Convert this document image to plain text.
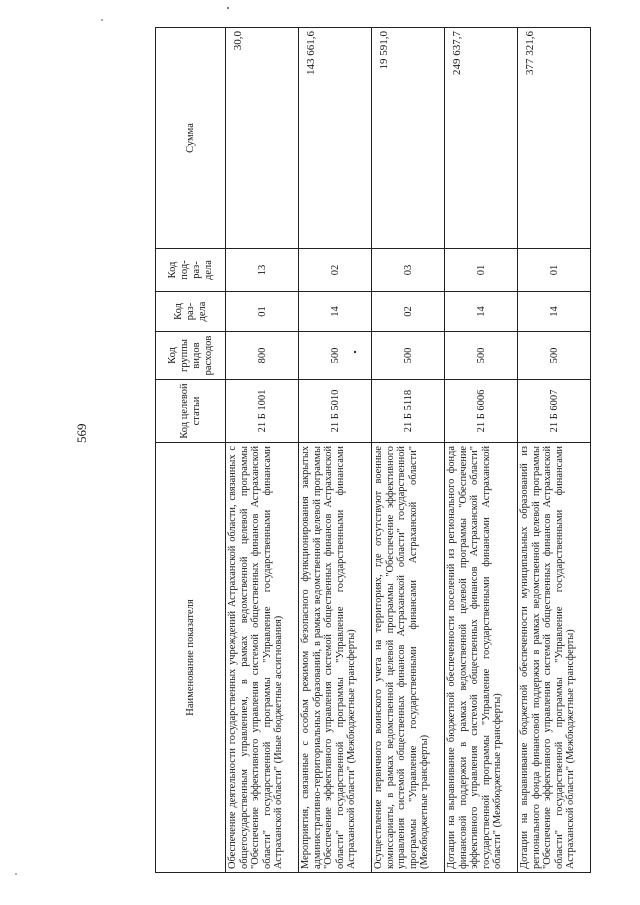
569
Наименование показателя	Код целевой статьи	Код группы видов расходов	Код раз-дела	Код под-раз-дела	Сумма
Обеспечение деятельности государственных учреждений Астраханской области, связанных с общегосударственным управлением, в рамках ведомственной целевой программы "Обеспечение эффективного управления системой общественных финансов Астраханской области" государственной программы "Управление государственными финансами Астраханской области" (Иные бюджетные ассигнования)	21 Б 1001	800	01	13	30,0
Мероприятия, связанные с особым режимом безопасного функционирования закрытых административно-территориальных образований, в рамках ведомственной целевой программы "Обеспечение эффективного управления системой общественных финансов Астраханской области" государственной программы "Управление государственными финансами Астраханской области" (Межбюджетные трансферты)	21 Б 5010	500	14	02	143 661,6
Осуществление первичного воинского учета на территориях, где отсутствуют военные комиссариаты, в рамках ведомственной целевой программы "Обеспечение эффективного управления системой общественных финансов Астраханской области" государственной программы "Управление государственными финансами Астраханской области" (Межбюджетные трансферты)	21 Б 5118	500	02	03	19 591,0
Дотации на выравнивание бюджетной обеспеченности поселений из регионального фонда финансовой поддержки в рамках ведомственной целевой программы "Обеспечение эффективного управления системой общественных финансов Астраханской области" государственной программы "Управление государственными финансами Астраханской области" (Межбюджетные трансферты)	21 Б 6006	500	14	01	249 637,7
Дотации на выравнивание бюджетной обеспеченности муниципальных образований из регионального фонда финансовой поддержки в рамках ведомственной целевой программы "Обеспечение эффективного управления системой общественных финансов Астраханской области" государственной программы "Управление государственными финансами Астраханской области" (Межбюджетные трансферты)	21 Б 6007	500	14	01	377 321,6
